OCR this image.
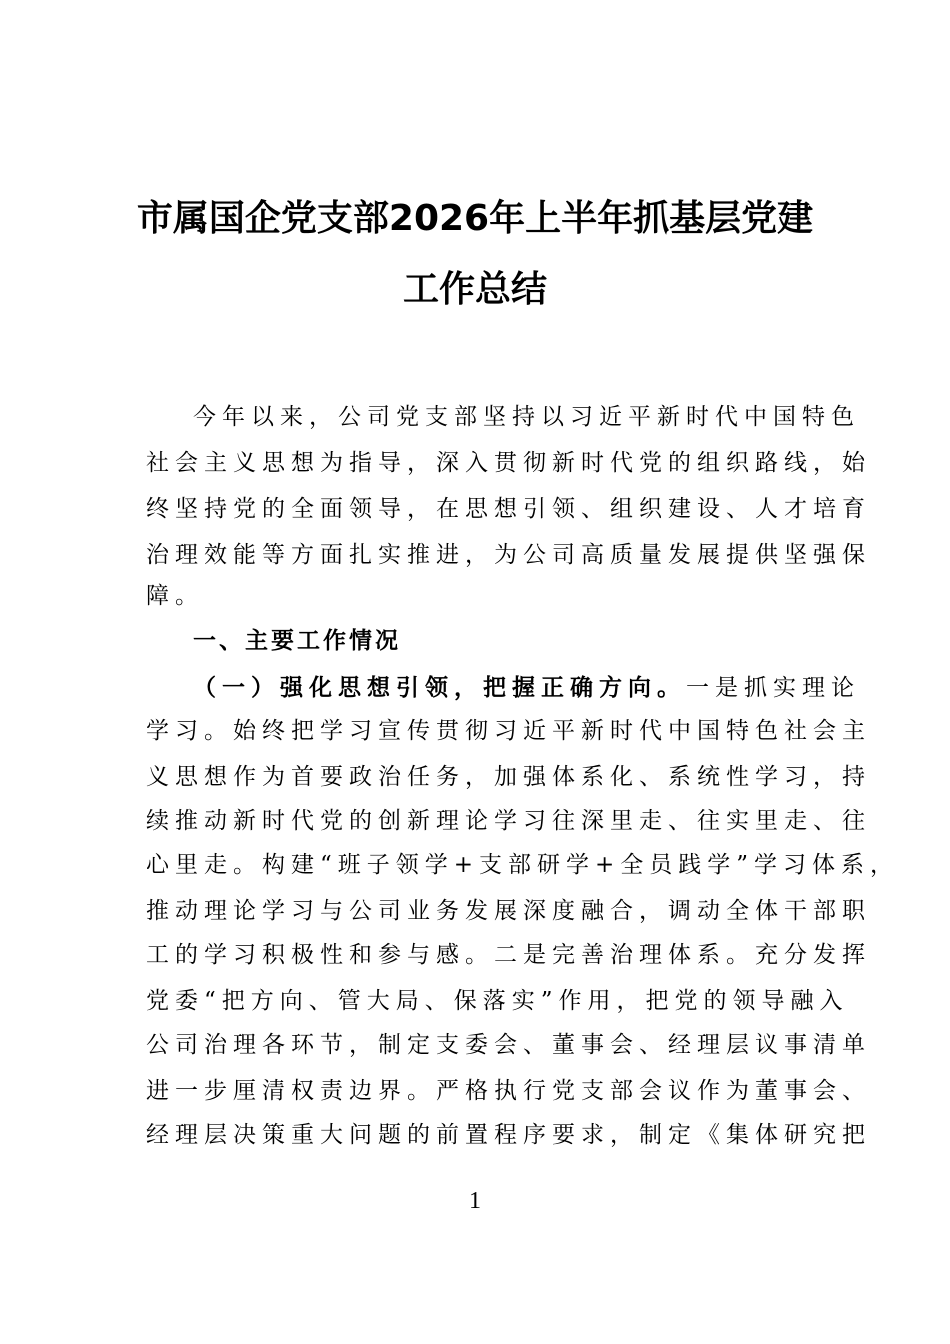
市属国企党支部2026年上半年抓基层党建
工作总结
今年以来，公司党支部坚持以习近平新时代中国特色
社会主义思想为指导，深入贯彻新时代党的组织路线，始
终坚持党的全面领导，在思想引领、组织建设、人才培育
治理效能等方面扎实推进，为公司高质量发展提供坚强保
障。
一、主要工作情况
（一）强化思想引领，把握正确方向。一是抓实理论
学习。始终把学习宣传贯彻习近平新时代中国特色社会主
义思想作为首要政治任务，加强体系化、系统性学习，持
续推动新时代党的创新理论学习往深里走、往实里走、往
心里走。构建“班子领学+支部研学+全员践学”学习体系，
推动理论学习与公司业务发展深度融合，调动全体干部职
工的学习积极性和参与感。二是完善治理体系。充分发挥
党委“把方向、管大局、保落实”作用，把党的领导融入
公司治理各环节，制定支委会、董事会、经理层议事清单
进一步厘清权责边界。严格执行党支部会议作为董事会、
经理层决策重大问题的前置程序要求，制定《集体研究把
1
